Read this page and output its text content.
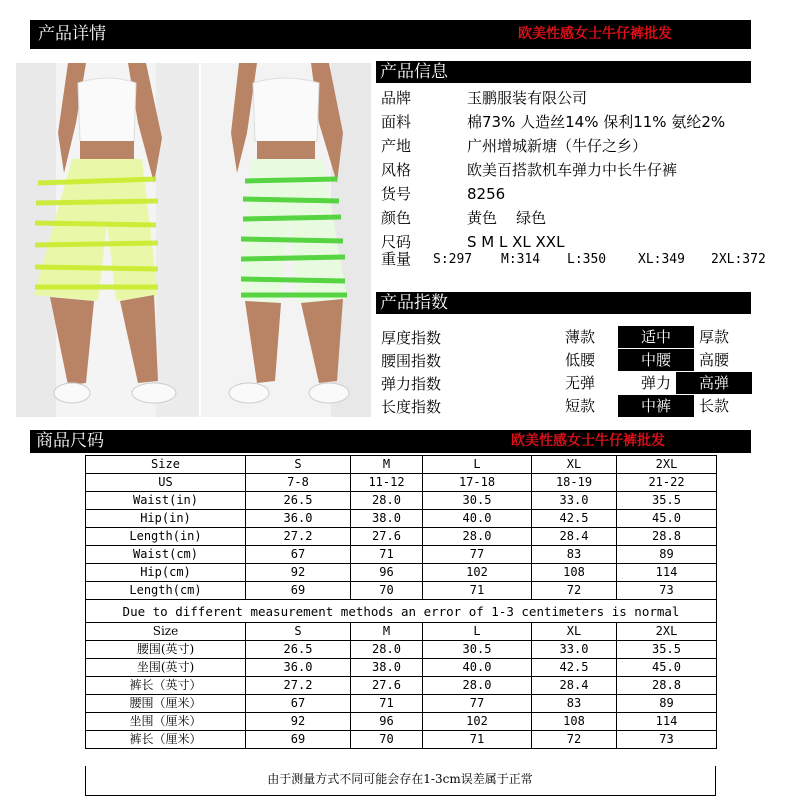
产品详情	欧美性感女士牛仔裤批发
产品信息
品牌	玉鹏服装有限公司
面料	棉73% 人造丝14% 保利11% 氨纶2%
产地	广州增城新塘（牛仔之乡）
风格	欧美百搭款机车弹力中长牛仔裤
货号	8256
颜色	黄色    绿色
尺码	S M L XL XXL
重量 S:297 M:314 L:350 XL:349 2XL:372
产品指数
厚度指数	薄款	适中	厚款
腰围指数	低腰	中腰	高腰
弹力指数	无弹	弹力	高弹
长度指数	短款	中裤	长款
商品尺码	欧美性感女士牛仔裤批发
Size	S	M	L	XL	2XL
US	7-8	11-12	17-18	18-19	21-22
Waist(in)	26.5	28.0	30.5	33.0	35.5
Hip(in)	36.0	38.0	40.0	42.5	45.0
Length(in)	27.2	27.6	28.0	28.4	28.8
Waist(cm)	67	71	77	83	89
Hip(cm)	92	96	102	108	114
Length(cm)	69	70	71	72	73
Due to different measurement methods an error of 1-3 centimeters is normal					
Size	S	M	L	XL	2XL
腰围(英寸)	26.5	28.0	30.5	33.0	35.5
坐围(英寸)	36.0	38.0	40.0	42.5	45.0
裤长（英寸）	27.2	27.6	28.0	28.4	28.8
腰围（厘米）	67	71	77	83	89
坐围（厘米）	92	96	102	108	114
裤长（厘米）	69	70	71	72	73
由于测量方式不同可能会存在1-3cm误差属于正常
